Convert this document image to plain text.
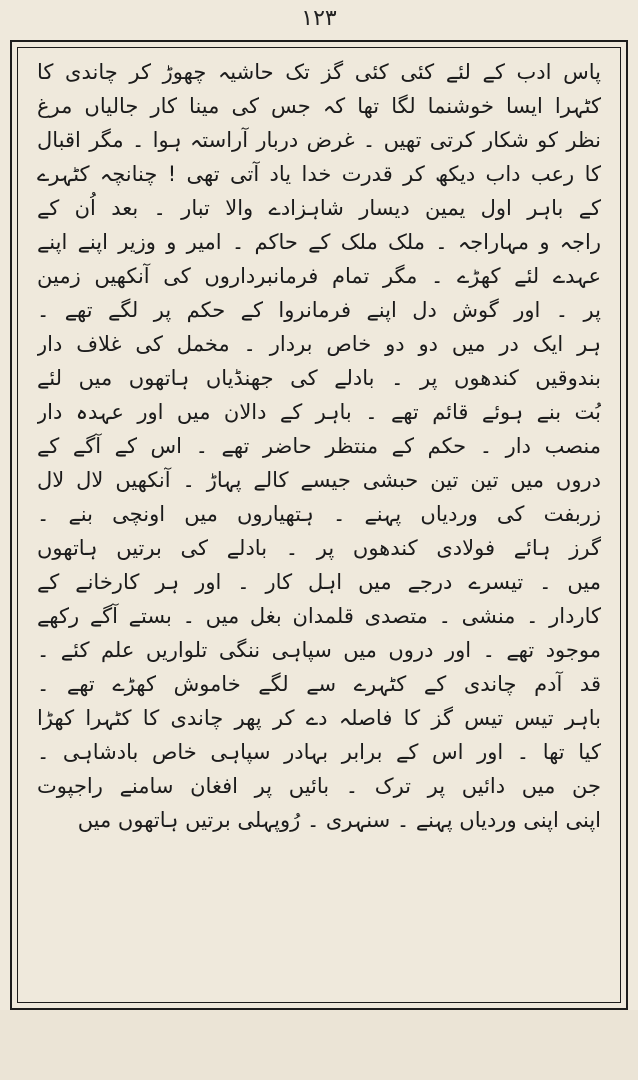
۱۲۳
پاس ادب کے لئے کئی کئی گز تک حاشیہ چھوڑ کر چاندی کا
کٹہرا ایسا خوشنما لگا تھا کہ جس کی مینا کار جالیاں مرغ
نظر کو شکار کرتی تھیں ۔ غرض دربار آراستہ ہوا ۔ مگر اقبال
کا رعب داب دیکھ کر قدرت خدا یاد آتی تھی ! چنانچہ کٹہرے
کے باہر اول یمین دیسار شاہزادے والا تبار ۔ بعد اُن کے
راجہ و مہاراجہ ۔ ملک ملک کے حاکم ۔ امیر و وزیر اپنے اپنے
عہدے لئے کھڑے ۔ مگر تمام فرمانبرداروں کی آنکھیں زمین
پر ۔ اور گوش دل اپنے فرمانروا کے حکم پر لگے تھے ۔
ہر ایک در میں دو دو خاص بردار ۔ مخمل کی غلاف دار
بندوقیں کندھوں پر ۔ بادلے کی جھنڈیاں ہاتھوں میں لئے
بُت بنے ہوئے قائم تھے ۔ باہر کے دالان میں اور عہدہ دار
منصب دار ۔ حکم کے منتظر حاضر تھے ۔ اس کے آگے کے
دروں میں تین تین حبشی جیسے کالے پہاڑ ۔ آنکھیں لال لال
زربفت کی وردیاں پہنے ۔ ہتھیاروں میں اونچی بنے ۔
گرز ہائے فولادی کندھوں پر ۔ بادلے کی برتیں ہاتھوں
میں ۔ تیسرے درجے میں اہل کار ۔ اور ہر کارخانے کے
کاردار ۔ منشی ۔ متصدی قلمدان بغل میں ۔ بستے آگے رکھے
موجود تھے ۔ اور دروں میں سپاہی ننگی تلواریں علم کئے ۔
قد آدم چاندی کے کٹہرے سے لگے خاموش کھڑے تھے ۔
باہر تیس تیس گز کا فاصلہ دے کر پھر چاندی کا کٹہرا کھڑا
کیا تھا ۔ اور اس کے برابر بہادر سپاہی خاص بادشاہی ۔
جن میں دائیں پر ترک ۔ بائیں پر افغان سامنے راجپوت
اپنی اپنی وردیاں پہنے ۔ سنہری ۔ رُوپہلی برتیں ہاتھوں میں
